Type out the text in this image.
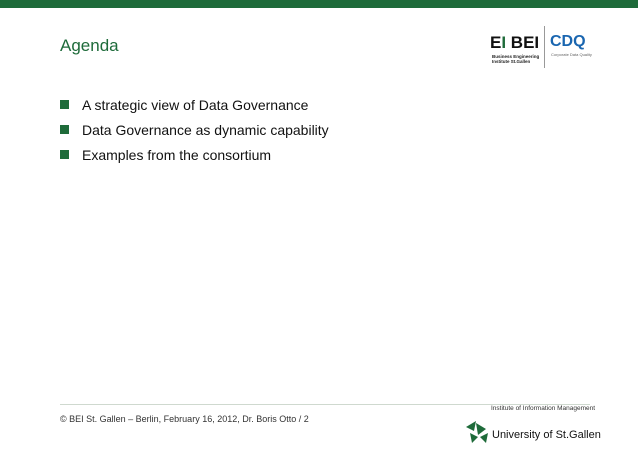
Agenda	EI BEI
Business Engineering
Institute St.Gallen
CDQ
Corporate Data Quality
A strategic view of Data Governance
Data Governance as dynamic capability
Examples from the consortium
© BEI St. Gallen – Berlin, February 16, 2012, Dr. Boris Otto / 2
Institute of Information Management
University of St.Gallen
